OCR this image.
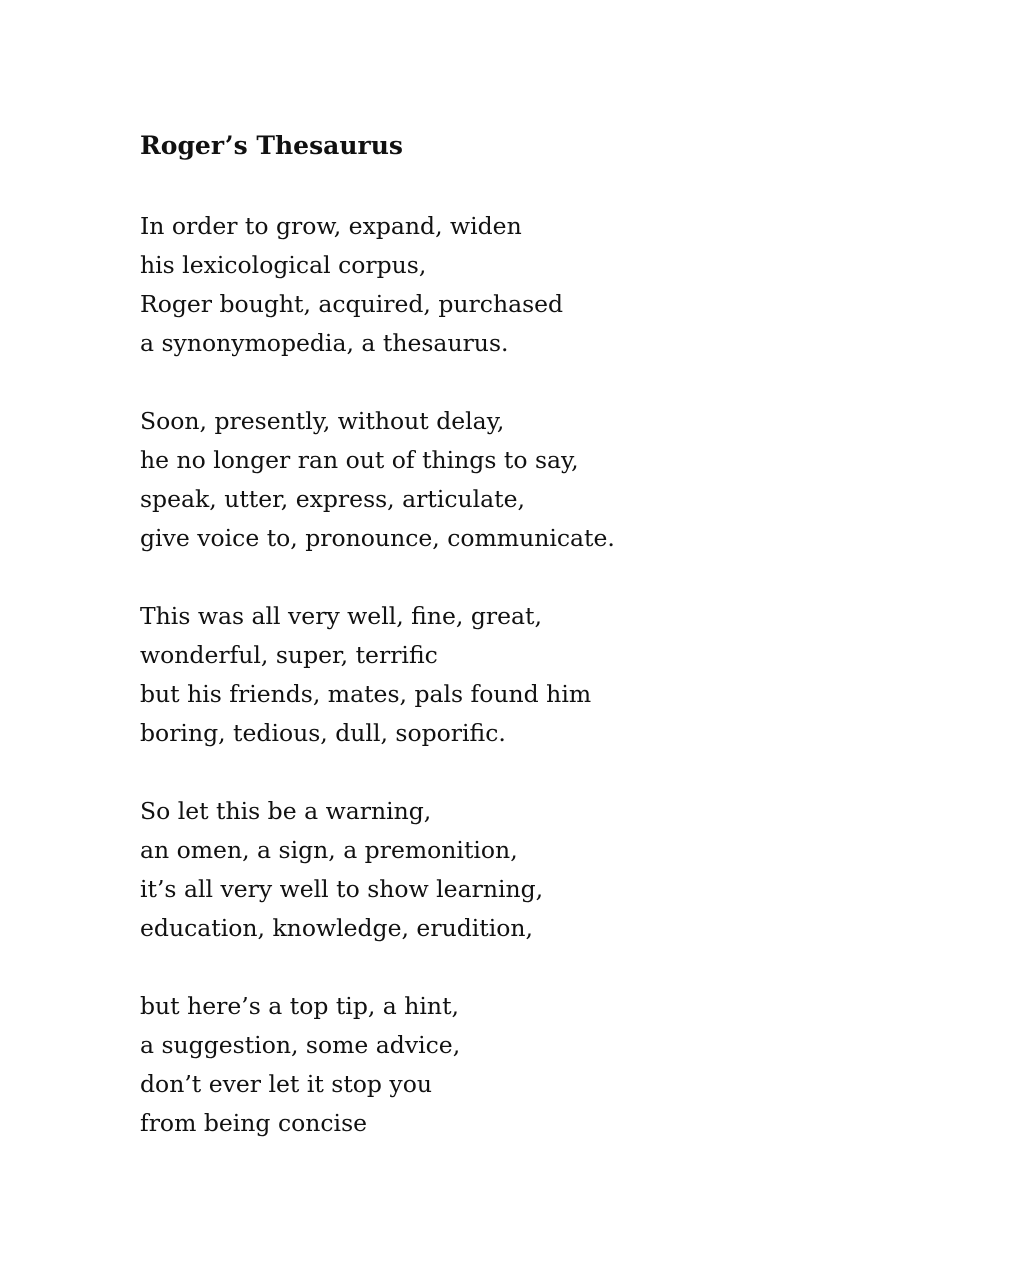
Roger’s Thesaurus

In order to grow, expand, widen
his lexicological corpus,
Roger bought, acquired, purchased
a synonymopedia, a thesaurus.

Soon, presently, without delay,
he no longer ran out of things to say,
speak, utter, express, articulate,
give voice to, pronounce, communicate.

This was all very well, fine, great,
wonderful, super, terrific
but his friends, mates, pals found him
boring, tedious, dull, soporific.

So let this be a warning,
an omen, a sign, a premonition,
it’s all very well to show learning,
education, knowledge, erudition,

but here’s a top tip, a hint,
a suggestion, some advice,
don’t ever let it stop you
from being concise
